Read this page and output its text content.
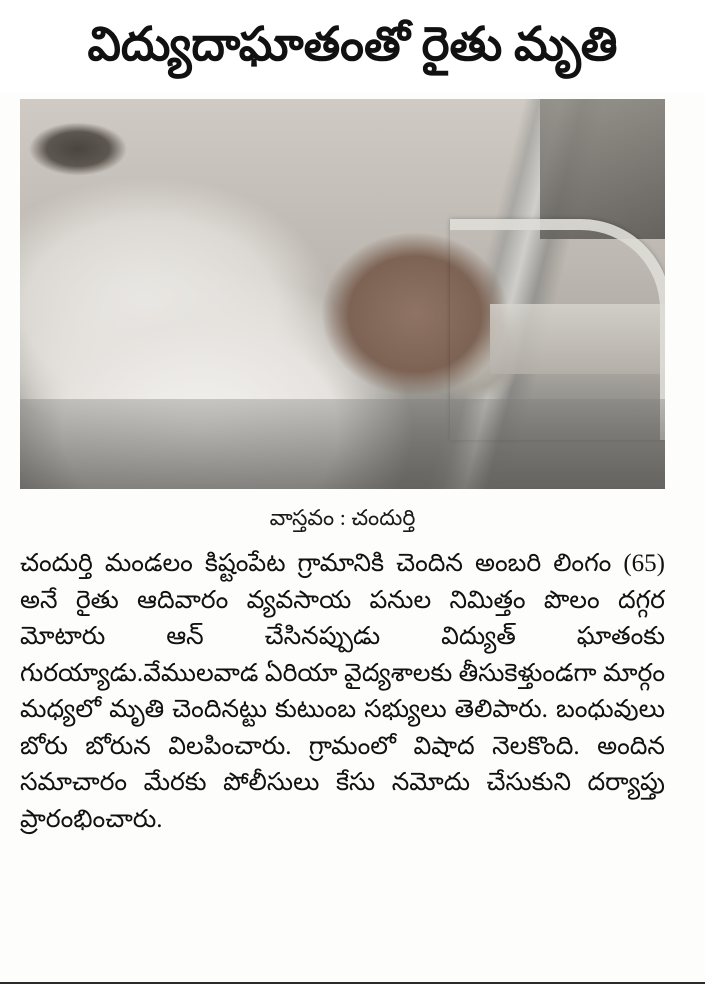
విద్యుదాఘాతంతో రైతు మృతి

వాస్తవం : చందుర్తి

చందుర్తి మండలం కిష్టంపేట గ్రామానికి చెందిన అంబరి లింగం (65) అనే రైతు ఆదివారం వ్యవసాయ పనుల నిమిత్తం పొలం దగ్గర మోటారు ఆన్ చేసినప్పుడు విద్యుత్ ఘాతంకు గురయ్యాడు.వేములవాడ ఏరియా వైద్యశాలకు తీసుకెళ్తుండగా మార్గం మధ్యలో మృతి చెందినట్టు కుటుంబ సభ్యులు తెలిపారు. బంధువులు బోరు బోరున విలపించారు. గ్రామంలో విషాద నెలకొంది. అందిన సమాచారం మేరకు పోలీసులు కేసు నమోదు చేసుకుని దర్యాప్తు ప్రారంభించారు.
